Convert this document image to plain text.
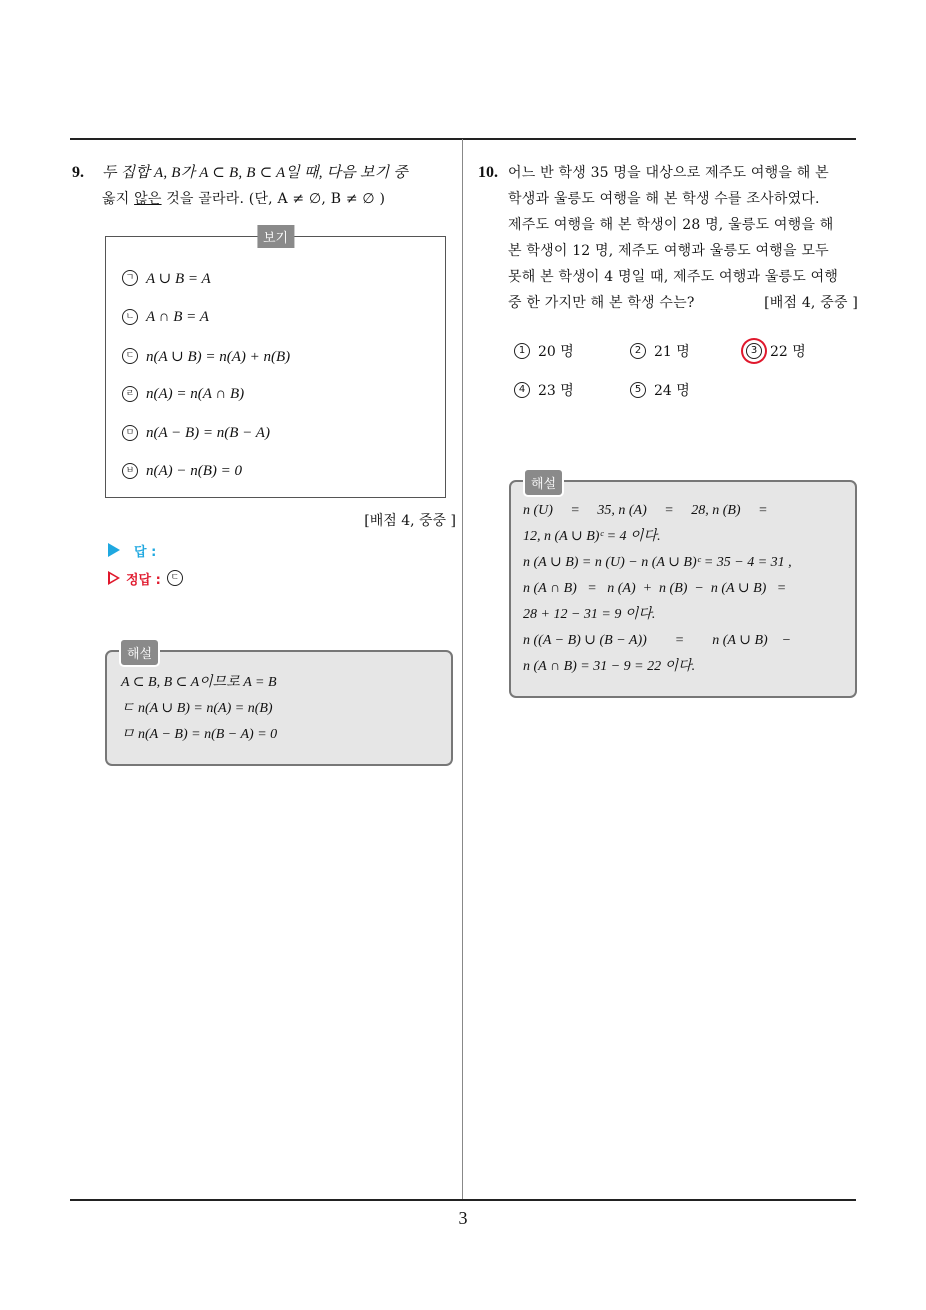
3
9.	두 집합 A, B가 A ⊂ B, B ⊂ A일 때, 다음 보기 중
옳지 않은 것을 골라라. (단, A ≠ ∅, B ≠ ∅ )
보기
ㄱ A ∪ B = A
ㄴ A ∩ B = A
ㄷ n(A ∪ B) = n(A) + n(B)
ㄹ n(A) = n(A ∩ B)
ㅁ n(A − B) = n(B − A)
ㅂ n(A) − n(B) = 0
[배점 4, 중중 ]
답 :
정답 :	ㄷ
해설
A ⊂ B, B ⊂ A이므로 A = B
ㄷ n(A ∪ B) = n(A) = n(B)
ㅁ n(A − B) = n(B − A) = 0
10. 어느 반 학생 35 명을 대상으로 제주도 여행을 해 본
학생과 울릉도 여행을 해 본 학생 수를 조사하였다.
제주도 여행을 해 본 학생이 28 명, 울릉도 여행을 해
본 학생이 12 명, 제주도 여행과 울릉도 여행을 모두
못해 본 학생이 4 명일 때, 제주도 여행과 울릉도 여행
중 한 가지만 해 본 학생 수는?	[배점 4, 중중 ]
1 20 명	2 21 명	3 22 명
4 23 명	5 24 명
해설
n (U)     =     35, n (A)     =     28, n (B)     =
12, n (A ∪ B)ᶜ = 4 이다.
n (A ∪ B) = n (U) − n (A ∪ B)ᶜ = 35 − 4 = 31 ,
n (A ∩ B)   =   n (A)  +  n (B)  −  n (A ∪ B)   =
28 + 12 − 31 = 9 이다.
n ((A − B) ∪ (B − A))        =        n (A ∪ B)    −
n (A ∩ B) = 31 − 9 = 22 이다.
